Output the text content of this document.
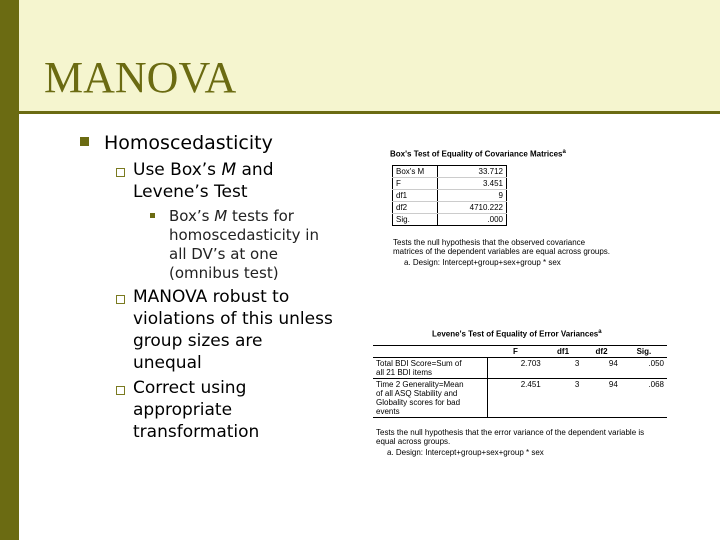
MANOVA
Homoscedasticity
Use Box’s M and
Levene’s Test
Box’s M tests for
homoscedasticity in
all DV’s at one
(omnibus test)
MANOVA robust to
violations of this unless
group sizes are
unequal
Correct using
appropriate
transformation
Box's Test of Equality of Covariance Matrices$^a$
Box's M	33.712
F	3.451
df1	9
df2	4710.222
Sig.	.000
Tests the null hypothesis that the observed covariance
matrices of the dependent variables are equal across groups.
a. Design: Intercept+group+sex+group * sex
Levene's Test of Equality of Error Variances$^a$
	F	df1	df2	Sig.

Total BDI Score=Sum of
all 21 BDI items	2.703	3	94	.050

Time 2 Generality=Mean
of all ASQ Stability and
Globality scores for bad
events	2.451	3	94	.068
Tests the null hypothesis that the error variance of the dependent variable is
equal across groups.
a. Design: Intercept+group+sex+group * sex
